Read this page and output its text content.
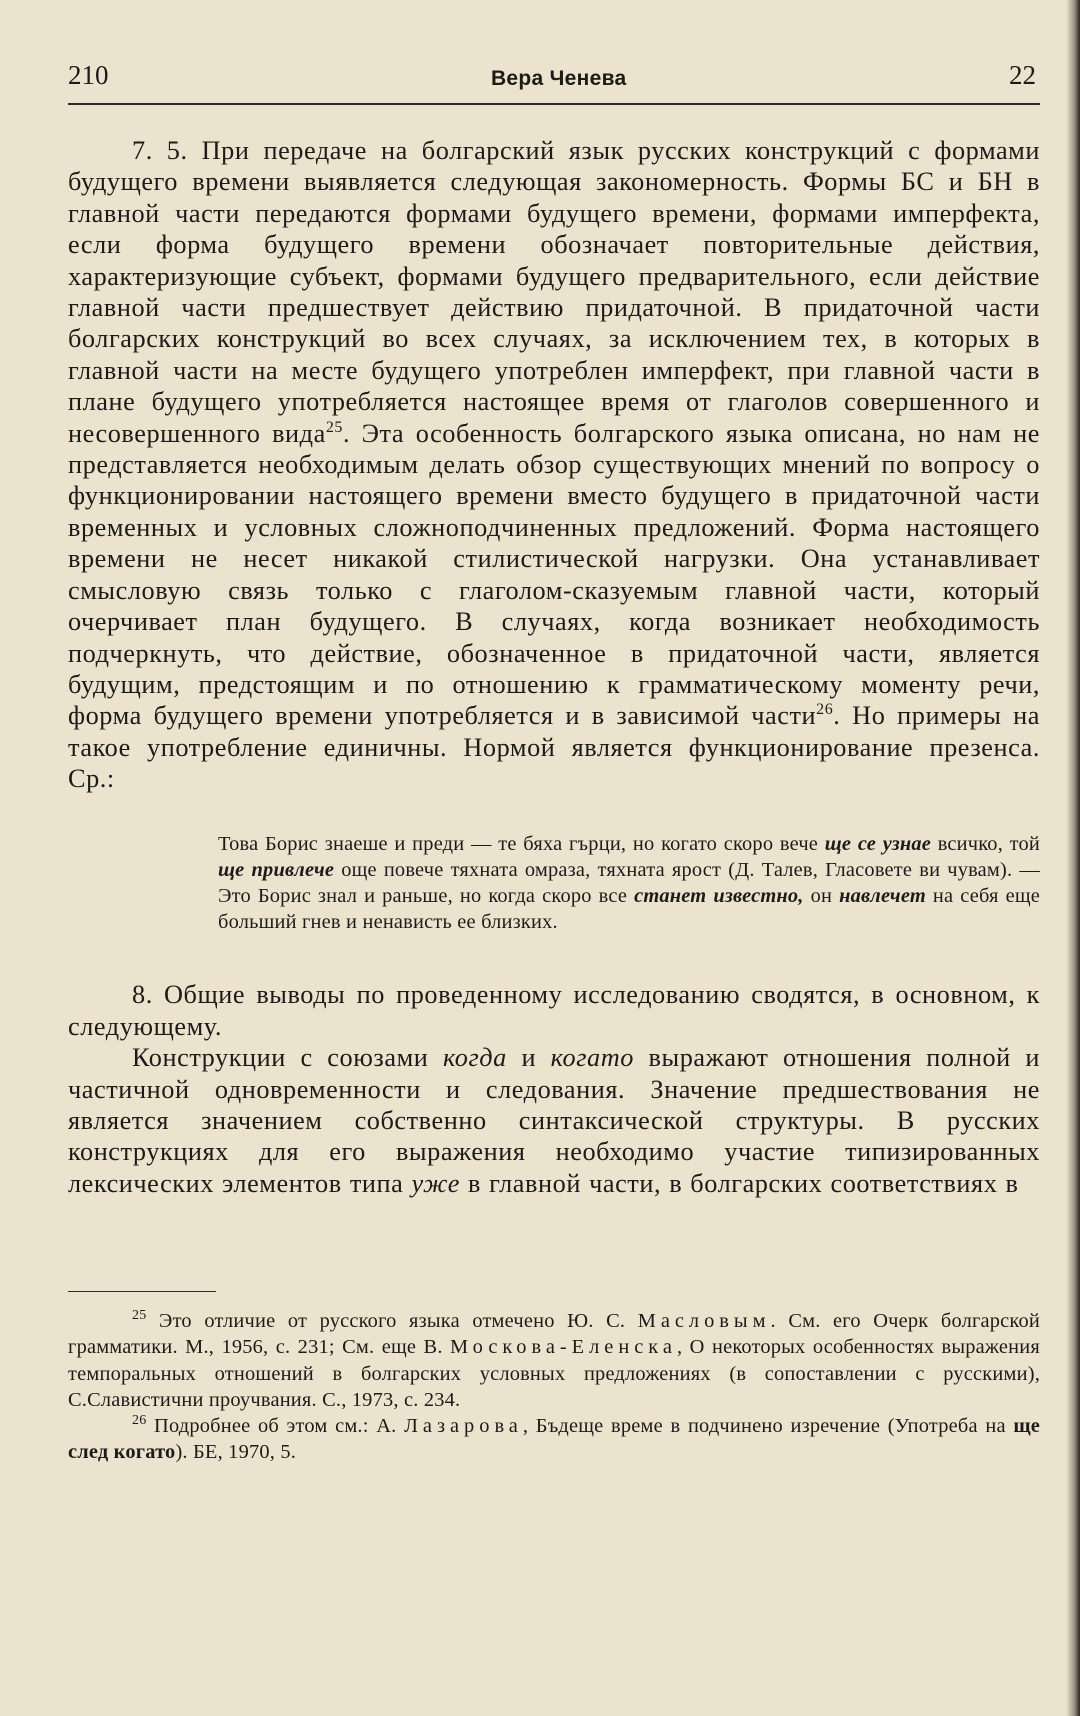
210	Вера Ченева	22

7. 5. При передаче на болгарский язык русских конструкций с формами будущего времени выявляется следующая закономерность. Формы БС и БН в главной части передаются формами будущего времени, формами имперфекта, если форма будущего времени обозначает повторительные действия, характеризующие субъект, формами будущего предварительного, если действие главной части предшествует действию придаточной. В придаточной части болгарских конструкций во всех случаях, за исключением тех, в которых в главной части на месте будущего употреблен имперфект, при главной части в плане будущего употребляется настоящее время от глаголов совершенного и несовершенного вида$^{25}$. Эта особенность болгарского языка описана, но нам не представляется необходимым делать обзор существующих мнений по вопросу о функционировании настоящего времени вместо будущего в придаточной части временных и условных сложноподчиненных предложений. Форма настоящего времени не несет никакой стилистической нагрузки. Она устанавливает смысловую связь только с глаголом-сказуемым главной части, который очерчивает план будущего. В случаях, когда возникает необходимость подчеркнуть, что действие, обозначенное в придаточной части, является будущим, предстоящим и по отношению к грамматическому моменту речи, форма будущего времени употребляется и в зависимой части$^{26}$. Но примеры на такое употребление единичны. Нормой является функционирование презенса. Ср.:

Това Борис знаеше и преди — те бяха гърци, но когато скоро вече ще се узнае всичко, той ще привлече още повече тяхната омраза, тяхната ярост (Д. Талев, Гласовете ви чувам). — Это Борис знал и раньше, но когда скоро все станет известно, он навлечет на себя еще больший гнев и ненависть ее близких.

8. Общие выводы по проведенному исследованию сводятся, в основном, к следующему.

Конструкции с союзами когда и когато выражают отношения полной и частичной одновременности и следования. Значение предшествования не является значением собственно синтаксической структуры. В русских конструкциях для его выражения необходимо участие типизированных лексических элементов типа уже в главной части, в болгарских соответствиях в

$^{25}$ Это отличие от русского языка отмечено Ю. С. Масловым. См. его Очерк болгарской грамматики. М., 1956, с. 231; См. еще В. Москова-Еленска, О некоторых особенностях выражения темпоральных отношений в болгарских условных предложениях (в сопоставлении с русскими), С.Славистични проучвания. С., 1973, с. 234.

$^{26}$ Подробнее об этом см.: А. Лазарова, Бъдеще време в подчинено изречение (Употреба на ще след когато). БЕ, 1970, 5.
